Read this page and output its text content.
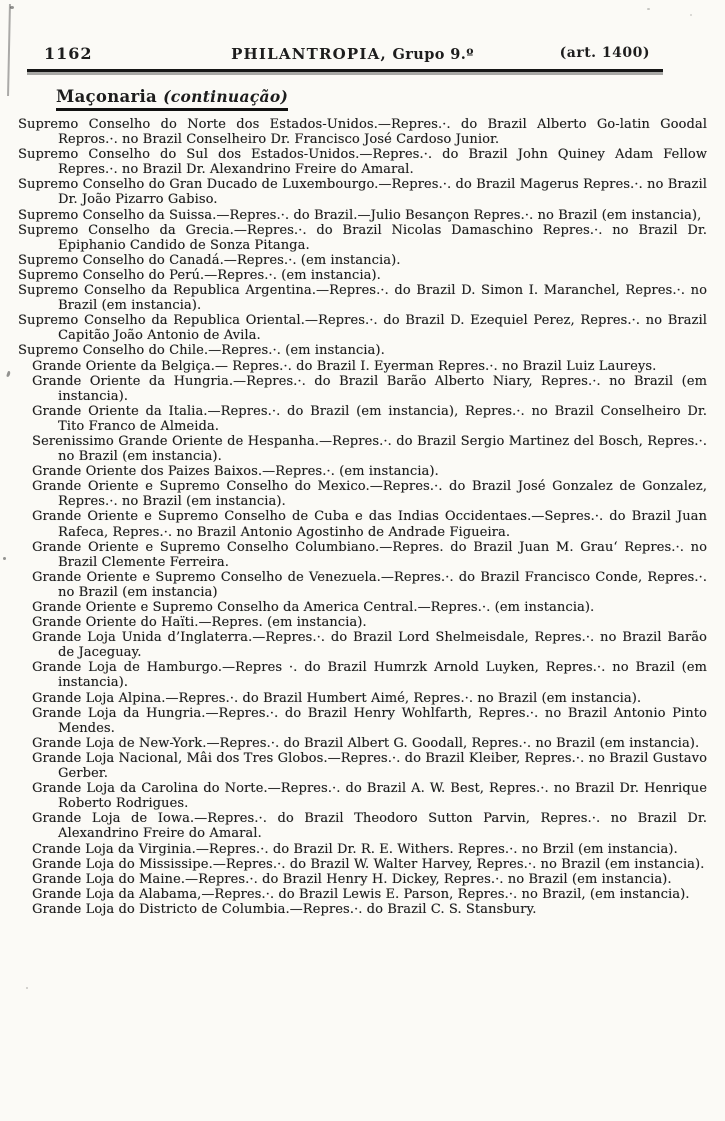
1162	PHILANTROPIA, Grupo 9.º	(art. 1400)
Maçonaria (continuação)

Supremo Conselho do Norte dos Estados-Unidos.—Repres.·. do Brazil Alberto Go-latin Goodal Repros.·. no Brazil Conselheiro Dr. Francisco José Cardoso Junior.

Supremo Conselho do Sul dos Estados-Unidos.—Repres.·. do Brazil John Quiney Adam Fellow Repres.·. no Brazil Dr. Alexandrino Freire do Amaral.

Supremo Conselho do Gran Ducado de Luxembourgo.—Repres.·. do Brazil Magerus Repres.·. no Brazil Dr. João Pizarro Gabiso.

Supremo Conselho da Suissa.—Repres.·. do Brazil.—Julio Besançon Repres.·. no Brazil (em instancia),

Supremo Conselho da Grecia.—Repres.·. do Brazil Nicolas Damaschino Repres.·. no Brazil Dr. Epiphanio Candido de Sonza Pitanga.

Supremo Conselho do Canadá.—Repres.·. (em instancia).

Supremo Conselho do Perú.—Repres.·. (em instancia).

Supremo Conselho da Republica Argentina.—Repres.·. do Brazil D. Simon I. Maranchel, Repres.·. no Brazil (em instancia).

Supremo Conselho da Republica Oriental.—Repres.·. do Brazil D. Ezequiel Perez, Repres.·. no Brazil Capitão João Antonio de Avila.

Supremo Conselho do Chile.—Repres.·. (em instancia).

Grande Oriente da Belgiça.— Repres.·. do Brazil I. Eyerman Repres.·. no Brazil Luiz Laureys.

Grande Oriente da Hungria.—Repres.·. do Brazil Barão Alberto Niary, Repres.·. no Brazil (em instancia).

Grande Oriente da Italia.—Repres.·. do Brazil (em instancia), Repres.·. no Brazil Conselheiro Dr. Tito Franco de Almeida.

Serenissimo Grande Oriente de Hespanha.—Repres.·. do Brazil Sergio Martinez del Bosch, Repres.·. no Brazil (em instancia).

Grande Oriente dos Paizes Baixos.—Repres.·. (em instancia).

Grande Oriente e Supremo Conselho do Mexico.—Repres.·. do Brazil José Gonzalez de Gonzalez, Repres.·. no Brazil (em instancia).

Grande Oriente e Supremo Conselho de Cuba e das Indias Occidentaes.—Sepres.·. do Brazil Juan Rafeca, Repres.·. no Brazil Antonio Agostinho de Andrade Figueira.

Grande Oriente e Supremo Conselho Columbiano.—Repres. do Brazil Juan M. Grau‘ Repres.·. no Brazil Clemente Ferreira.

Grande Oriente e Supremo Conselho de Venezuela.—Repres.·. do Brazil Francisco Conde, Repres.·. no Brazil (em instancia)

Grande Oriente e Supremo Conselho da America Central.—Repres.·. (em instancia).

Grande Oriente do Haïti.—Repres. (em instancia).

Grande Loja Unida d’Inglaterra.—Repres.·. do Brazil Lord Shelmeisdale, Repres.·. no Brazil Barão de Jaceguay.

Grande Loja de Hamburgo.—Repres ·. do Brazil Humrzk Arnold Luyken, Repres.·. no Brazil (em instancia).

Grande Loja Alpina.—Repres.·. do Brazil Humbert Aimé, Repres.·. no Brazil (em instancia).

Grande Loja da Hungria.—Repres.·. do Brazil Henry Wohlfarth, Repres.·. no Brazil Antonio Pinto Mendes.

Grande Loja de New-York.—Repres.·. do Brazil Albert G. Goodall, Repres.·. no Brazil (em instancia).

Grande Loja Nacional, Mâi dos Tres Globos.—Repres.·. do Brazil Kleiber, Repres.·. no Brazil Gustavo Gerber.

Grande Loja da Carolina do Norte.—Repres.·. do Brazil A. W. Best, Repres.·. no Brazil Dr. Henrique Roberto Rodrigues.

Grande Loja de Iowa.—Repres.·. do Brazil Theodoro Sutton Parvin, Repres.·. no Brazil Dr. Alexandrino Freire do Amaral.

Crande Loja da Virginia.—Repres.·. do Brazil Dr. R. E. Withers. Repres.·. no Brzil (em instancia).

Grande Loja do Mississipe.—Repres.·. do Brazil W. Walter Harvey, Repres.·. no Brazil (em instancia).

Grande Loja do Maine.—Repres.·. do Brazil Henry H. Dickey, Repres.·. no Brazil (em instancia).

Grande Loja da Alabama,—Repres.·. do Brazil Lewis E. Parson, Repres.·. no Brazil, (em instancia).

Grande Loja do Districto de Columbia.—Repres.·. do Brazil C. S. Stansbury.
